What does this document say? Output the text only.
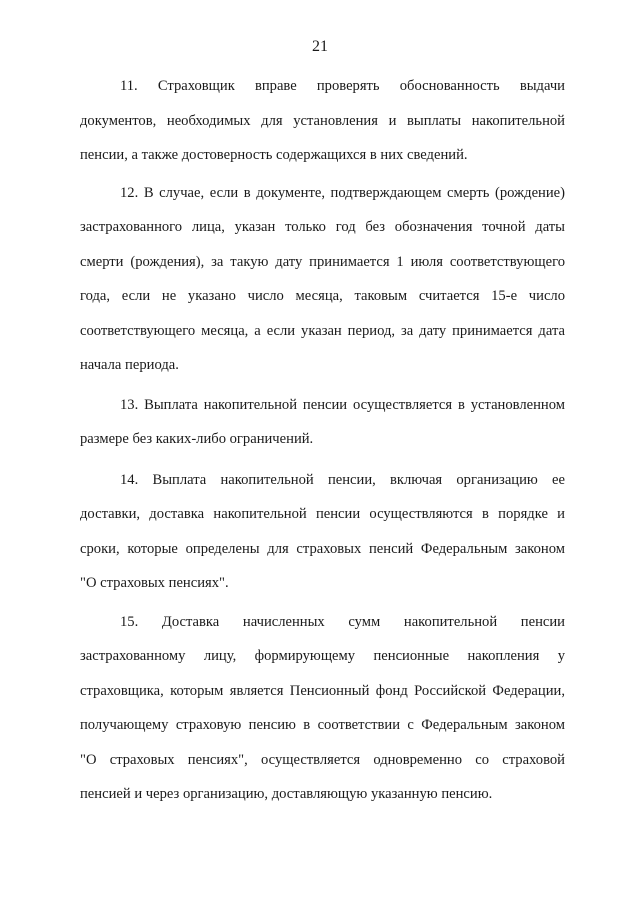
21

11. Страховщик вправе проверять обоснованность выдачи
документов, необходимых для установления и выплаты накопительной
пенсии, а также достоверность содержащихся в них сведений.

12. В случае, если в документе, подтверждающем смерть (рождение)
застрахованного лица, указан только год без обозначения точной даты
смерти (рождения), за такую дату принимается 1 июля соответствующего
года, если не указано число месяца, таковым считается 15-е число
соответствующего месяца, а если указан период, за дату принимается дата
начала периода.

13. Выплата накопительной пенсии осуществляется в установленном
размере без каких-либо ограничений.

14. Выплата накопительной пенсии, включая организацию ее
доставки, доставка накопительной пенсии осуществляются в порядке и
сроки, которые определены для страховых пенсий Федеральным законом
"О страховых пенсиях".

15. Доставка начисленных сумм накопительной пенсии
застрахованному лицу, формирующему пенсионные накопления у
страховщика, которым является Пенсионный фонд Российской Федерации,
получающему страховую пенсию в соответствии с Федеральным законом
"О страховых пенсиях", осуществляется одновременно со страховой
пенсией и через организацию, доставляющую указанную пенсию.
